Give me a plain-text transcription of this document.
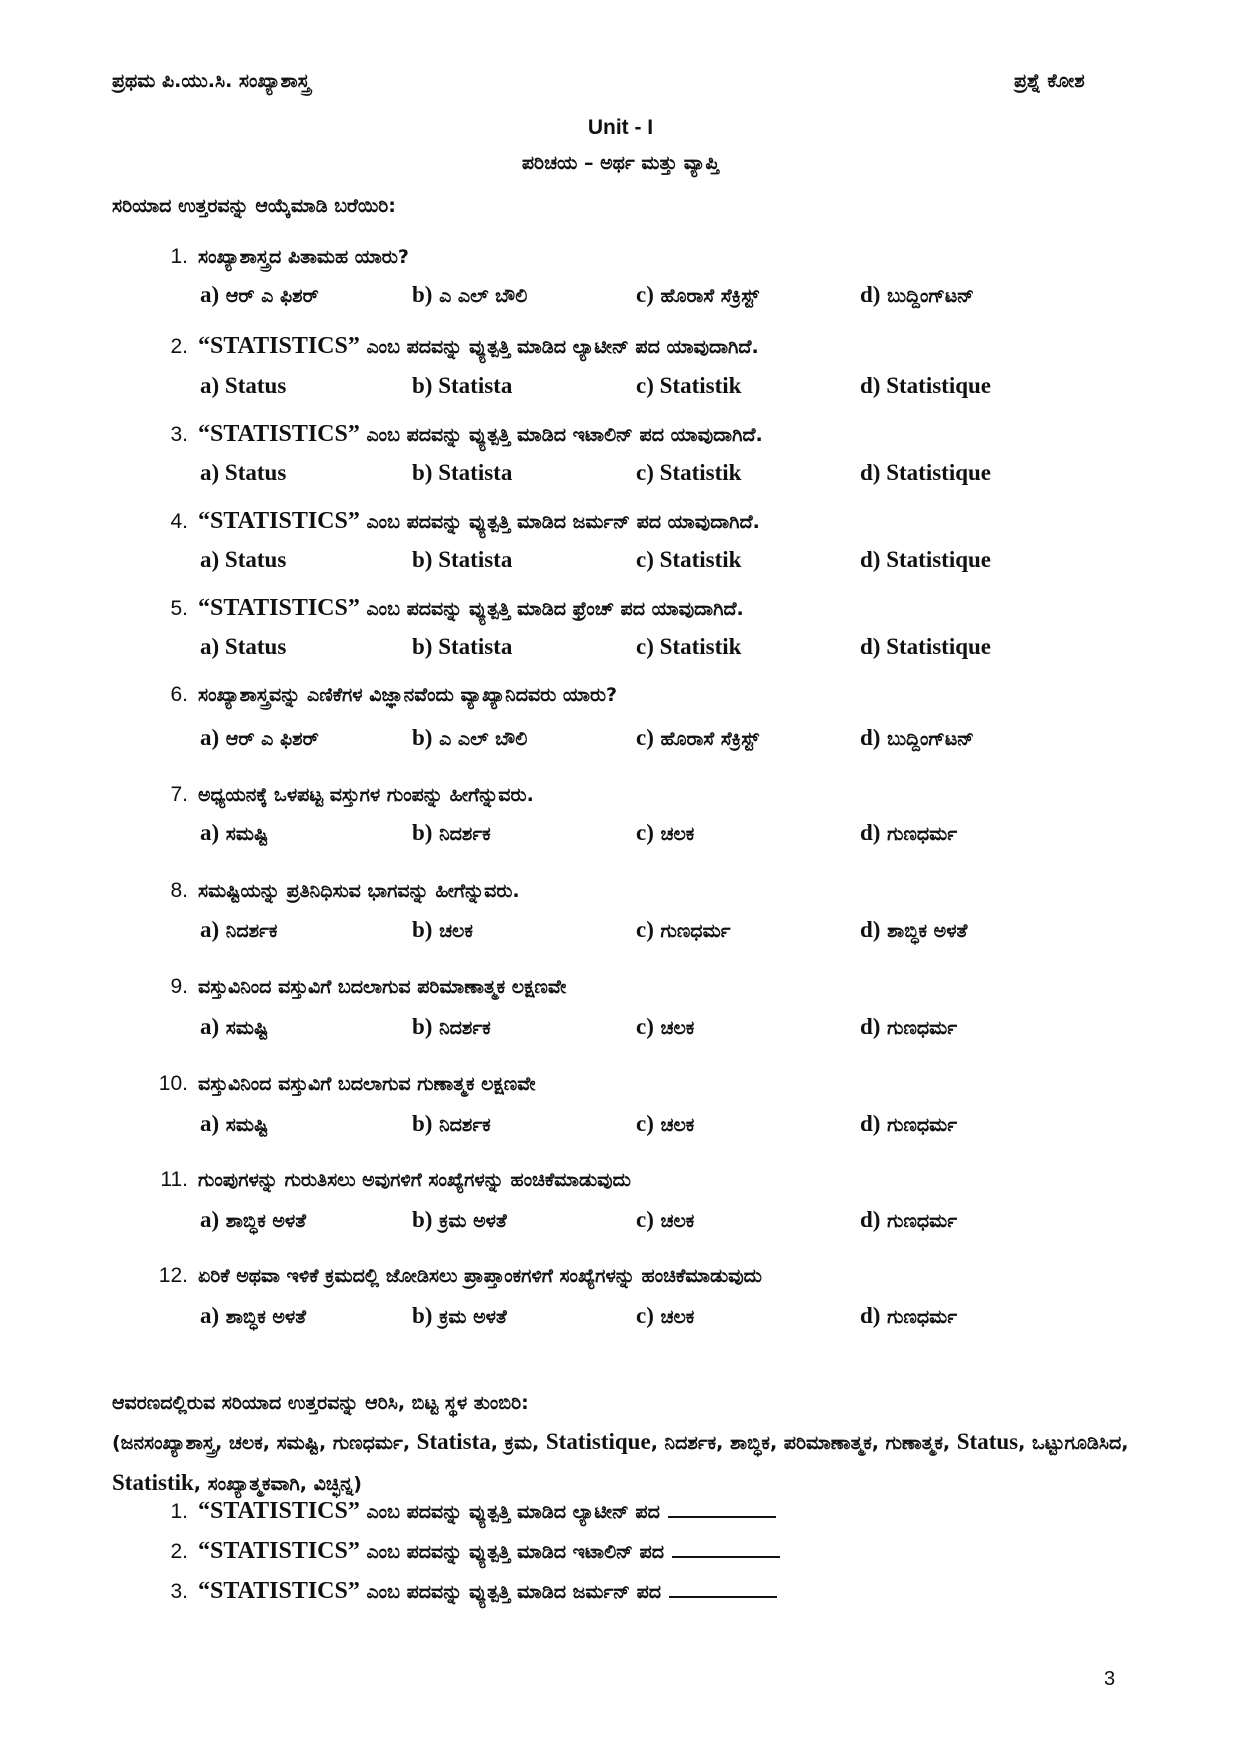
ಪ್ರಥಮ ಪಿ.ಯು.ಸಿ. ಸಂಖ್ಯಾಶಾಸ್ತ್ರ	ಪ್ರಶ್ನೆ ಕೋಶ
Unit - I
ಪರಿಚಯ – ಅರ್ಥ ಮತ್ತು ವ್ಯಾಪ್ತಿ
ಸರಿಯಾದ ಉತ್ತರವನ್ನು ಆಯ್ಕೆಮಾಡಿ ಬರೆಯಿರಿ:
1. ಸಂಖ್ಯಾಶಾಸ್ತ್ರದ ಪಿತಾಮಹ ಯಾರು?
a) ಆರ್ ಎ ಫಿಶರ್	b) ಎ ಎಲ್ ಬೌಲಿ	c) ಹೊರಾಸೆ ಸೆಕ್ರಿಸ್ಟ್	d) ಬುದ್ದಿಂಗ್‌ಟನ್
2. “STATISTICS” ಎಂಬ ಪದವನ್ನು ವ್ಯುತ್ಪತ್ತಿ ಮಾಡಿದ ಲ್ಯಾಟೀನ್ ಪದ ಯಾವುದಾಗಿದೆ.
a) Status	b) Statista	c) Statistik	d) Statistique
3. “STATISTICS” ಎಂಬ ಪದವನ್ನು ವ್ಯುತ್ಪತ್ತಿ ಮಾಡಿದ ಇಟಾಲಿನ್ ಪದ ಯಾವುದಾಗಿದೆ.
a) Status	b) Statista	c) Statistik	d) Statistique
4. “STATISTICS” ಎಂಬ ಪದವನ್ನು ವ್ಯುತ್ಪತ್ತಿ ಮಾಡಿದ ಜರ್ಮನ್ ಪದ ಯಾವುದಾಗಿದೆ.
a) Status	b) Statista	c) Statistik	d) Statistique
5. “STATISTICS” ಎಂಬ ಪದವನ್ನು ವ್ಯುತ್ಪತ್ತಿ ಮಾಡಿದ ಫ್ರೆಂಚ್ ಪದ ಯಾವುದಾಗಿದೆ.
a) Status	b) Statista	c) Statistik	d) Statistique
6. ಸಂಖ್ಯಾಶಾಸ್ತ್ರವನ್ನು ಎಣಿಕೆಗಳ ವಿಜ್ಞಾನವೆಂದು ವ್ಯಾಖ್ಯಾನಿದವರು ಯಾರು?
a) ಆರ್ ಎ ಫಿಶರ್	b) ಎ ಎಲ್ ಬೌಲಿ	c) ಹೊರಾಸೆ ಸೆಕ್ರಿಸ್ಟ್	d) ಬುದ್ದಿಂಗ್‌ಟನ್
7. ಅಧ್ಯಯನಕ್ಕೆ ಒಳಪಟ್ಟ ವಸ್ತುಗಳ ಗುಂಪನ್ನು ಹೀಗೆನ್ನುವರು.
a) ಸಮಷ್ಟಿ	b) ನಿದರ್ಶಕ	c) ಚಲಕ	d) ಗುಣಧರ್ಮ
8. ಸಮಷ್ಟಿಯನ್ನು ಪ್ರತಿನಿಧಿಸುವ ಭಾಗವನ್ನು ಹೀಗೆನ್ನುವರು.
a) ನಿದರ್ಶಕ	b) ಚಲಕ	c) ಗುಣಧರ್ಮ	d) ಶಾಬ್ಧಿಕ ಅಳತೆ
9. ವಸ್ತುವಿನಿಂದ ವಸ್ತುವಿಗೆ ಬದಲಾಗುವ ಪರಿಮಾಣಾತ್ಮಕ ಲಕ್ಷಣವೇ
a) ಸಮಷ್ಟಿ	b) ನಿದರ್ಶಕ	c) ಚಲಕ	d) ಗುಣಧರ್ಮ
10. ವಸ್ತುವಿನಿಂದ ವಸ್ತುವಿಗೆ ಬದಲಾಗುವ ಗುಣಾತ್ಮಕ ಲಕ್ಷಣವೇ
a) ಸಮಷ್ಟಿ	b) ನಿದರ್ಶಕ	c) ಚಲಕ	d) ಗುಣಧರ್ಮ
11. ಗುಂಪುಗಳನ್ನು ಗುರುತಿಸಲು ಅವುಗಳಿಗೆ ಸಂಖ್ಯೆಗಳನ್ನು ಹಂಚಿಕೆಮಾಡುವುದು
a) ಶಾಬ್ಧಿಕ ಅಳತೆ	b) ಕ್ರಮ ಅಳತೆ	c) ಚಲಕ	d) ಗುಣಧರ್ಮ
12. ಏರಿಕೆ ಅಥವಾ ಇಳಿಕೆ ಕ್ರಮದಲ್ಲಿ ಜೋಡಿಸಲು ಪ್ರಾಪ್ತಾಂಕಗಳಿಗೆ ಸಂಖ್ಯೆಗಳನ್ನು ಹಂಚಿಕೆಮಾಡುವುದು
a) ಶಾಬ್ಧಿಕ ಅಳತೆ	b) ಕ್ರಮ ಅಳತೆ	c) ಚಲಕ	d) ಗುಣಧರ್ಮ
ಆವರಣದಲ್ಲಿರುವ ಸರಿಯಾದ ಉತ್ತರವನ್ನು ಆರಿಸಿ, ಬಿಟ್ಟ ಸ್ಥಳ ತುಂಬಿರಿ:
(ಜನಸಂಖ್ಯಾಶಾಸ್ತ್ರ, ಚಲಕ, ಸಮಷ್ಟಿ, ಗುಣಧರ್ಮ, Statista, ಕ್ರಮ, Statistique, ನಿದರ್ಶಕ, ಶಾಬ್ಧಿಕ, ಪರಿಮಾಣಾತ್ಮಕ, ಗುಣಾತ್ಮಕ, Status, ಒಟ್ಟುಗೂಡಿಸಿದ, Statistik, ಸಂಖ್ಯಾತ್ಮಕವಾಗಿ, ವಿಚ್ಛಿನ್ನ)
1. “STATISTICS” ಎಂಬ ಪದವನ್ನು ವ್ಯುತ್ಪತ್ತಿ ಮಾಡಿದ ಲ್ಯಾಟೀನ್ ಪದ
2. “STATISTICS” ಎಂಬ ಪದವನ್ನು ವ್ಯುತ್ಪತ್ತಿ ಮಾಡಿದ ಇಟಾಲಿನ್ ಪದ
3. “STATISTICS” ಎಂಬ ಪದವನ್ನು ವ್ಯುತ್ಪತ್ತಿ ಮಾಡಿದ ಜರ್ಮನ್ ಪದ
3
